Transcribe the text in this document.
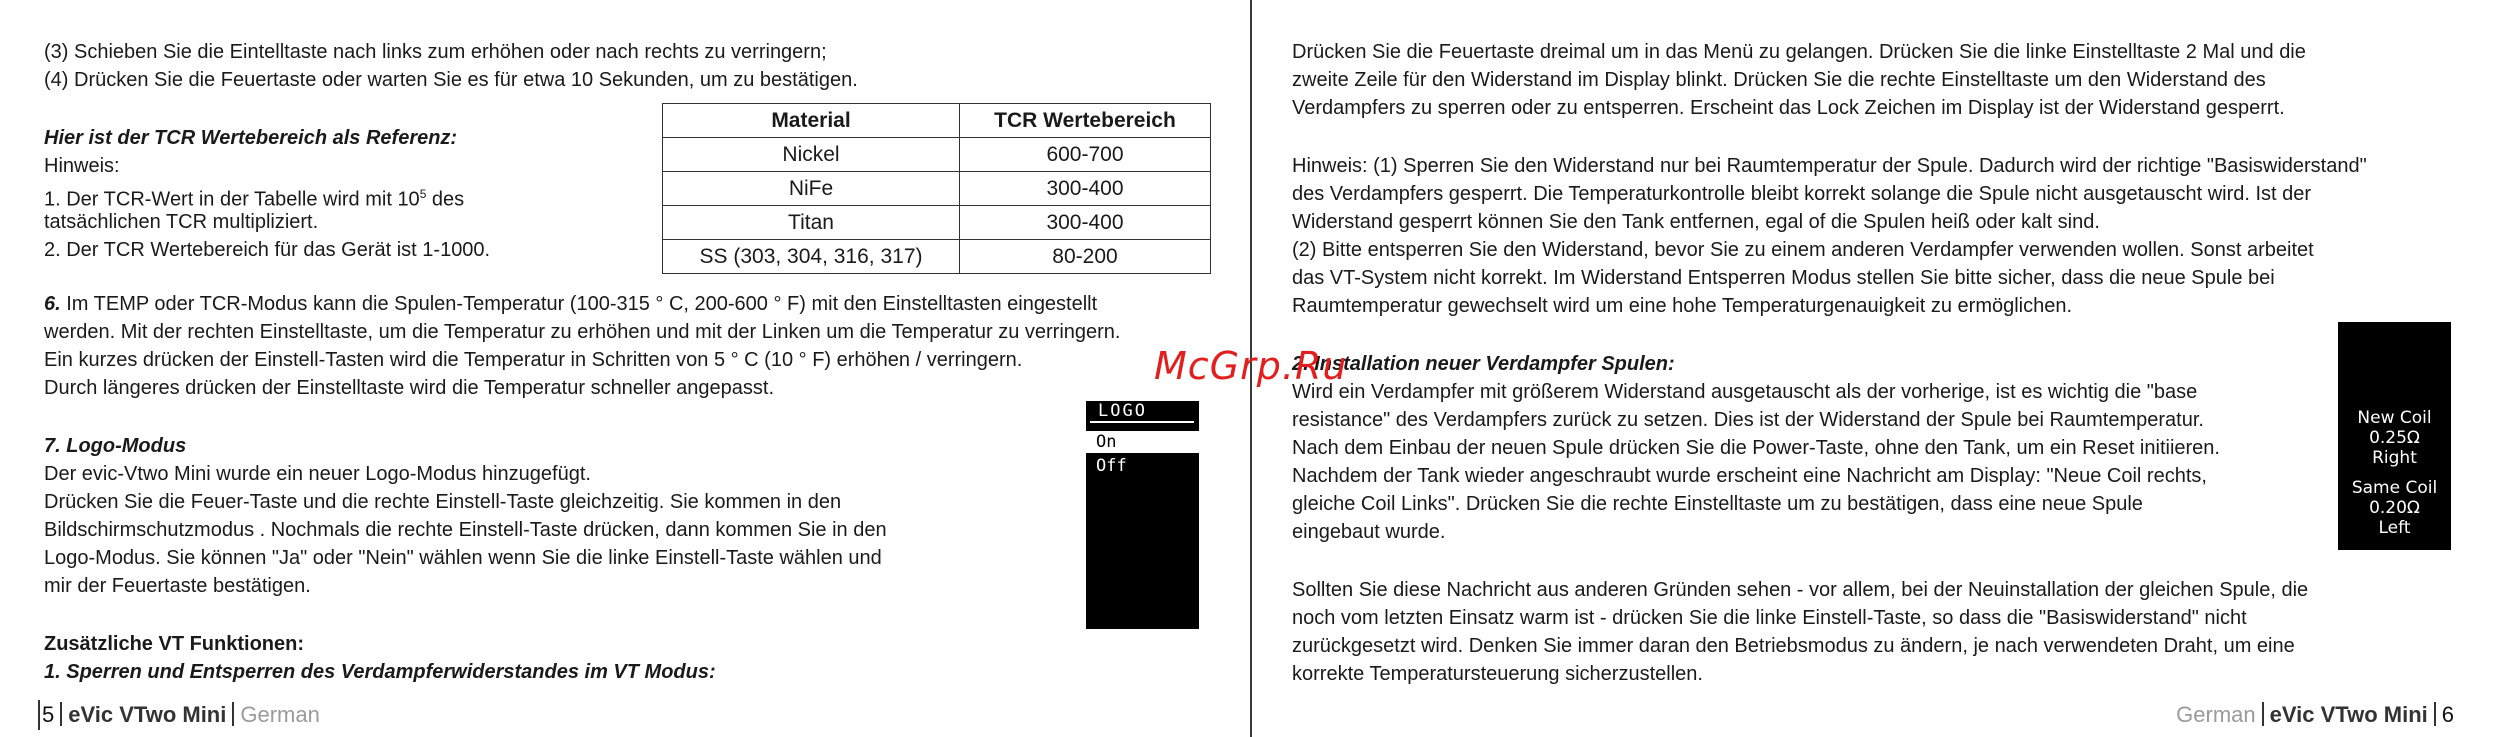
(3) Schieben Sie die Eintelltaste nach links zum erhöhen oder nach rechts zu verringern;

(4) Drücken Sie die Feuertaste oder warten Sie es für etwa 10 Sekunden, um zu bestätigen.

Hier ist der TCR Wertebereich als Referenz:

Hinweis:

1. Der TCR-Wert in der Tabelle wird mit $10^5$ des

tatsächlichen TCR multipliziert.

2. Der TCR Wertebereich für das Gerät ist 1-1000.

Material	TCR Wertebereich
Nickel	600-700
NiFe	300-400
Titan	300-400
SS (303, 304, 316, 317)	80-200

6. Im TEMP oder TCR-Modus kann die Spulen-Temperatur (100-315 ° C, 200-600 ° F) mit den Einstelltasten eingestellt

werden. Mit der rechten Einstelltaste, um die Temperatur zu erhöhen und mit der Linken um die Temperatur zu verringern.

Ein kurzes drücken der Einstell-Tasten wird die Temperatur in Schritten von 5 ° C (10 ° F) erhöhen / verringern.

Durch längeres drücken der Einstelltaste wird die Temperatur schneller angepasst.

7. Logo-Modus

Der evic-Vtwo Mini wurde ein neuer Logo-Modus hinzugefügt.

Drücken Sie die Feuer-Taste und die rechte Einstell-Taste gleichzeitig. Sie kommen in den

Bildschirmschutzmodus . Nochmals die rechte Einstell-Taste drücken, dann kommen Sie in den

Logo-Modus. Sie können "Ja" oder "Nein" wählen wenn Sie die linke Einstell-Taste wählen und

mir der Feuertaste bestätigen.

Zusätzliche VT Funktionen:

1. Sperren und Entsperren des Verdampferwiderstandes im VT Modus:

LOGO
On
Off
5 eVic VTwo Mini German

Drücken Sie die Feuertaste dreimal um in das Menü zu gelangen. Drücken Sie die linke Einstelltaste 2 Mal und die

zweite Zeile für den Widerstand im Display blinkt. Drücken Sie die rechte Einstelltaste um den Widerstand des

Verdampfers zu sperren oder zu entsperren. Erscheint das Lock Zeichen im Display ist der Widerstand gesperrt.

Hinweis: (1) Sperren Sie den Widerstand nur bei Raumtemperatur der Spule. Dadurch wird der richtige "Basiswiderstand"

des Verdampfers gesperrt. Die Temperaturkontrolle bleibt korrekt solange die Spule nicht ausgetauscht wird. Ist der

Widerstand gesperrt können Sie den Tank entfernen, egal of die Spulen heiß oder kalt sind.

(2) Bitte entsperren Sie den Widerstand, bevor Sie zu einem anderen Verdampfer verwenden wollen. Sonst arbeitet

das VT-System nicht korrekt. Im Widerstand Entsperren Modus stellen Sie bitte sicher, dass die neue Spule bei

Raumtemperatur gewechselt wird um eine hohe Temperaturgenauigkeit zu ermöglichen.

2. Installation neuer Verdampfer Spulen:

Wird ein Verdampfer mit größerem Widerstand ausgetauscht als der vorherige, ist es wichtig die "base

resistance" des Verdampfers zurück zu setzen. Dies ist der Widerstand der Spule bei Raumtemperatur.

Nach dem Einbau der neuen Spule drücken Sie die Power-Taste, ohne den Tank, um ein Reset initiieren.

Nachdem der Tank wieder angeschraubt wurde erscheint eine Nachricht am Display: "Neue Coil rechts,

gleiche Coil Links". Drücken Sie die rechte Einstelltaste um zu bestätigen, dass eine neue Spule

eingebaut wurde.

Sollten Sie diese Nachricht aus anderen Gründen sehen - vor allem, bei der Neuinstallation der gleichen Spule, die

noch vom letzten Einsatz warm ist - drücken Sie die linke Einstell-Taste, so dass die "Basiswiderstand" nicht

zurückgesetzt wird. Denken Sie immer daran den Betriebsmodus zu ändern, je nach verwendeten Draht, um eine

korrekte Temperatursteuerung sicherzustellen.

German eVic VTwo Mini 6
New Coil
0.25Ω
Right
Same Coil
0.20Ω
Left
McGrp.Ru
